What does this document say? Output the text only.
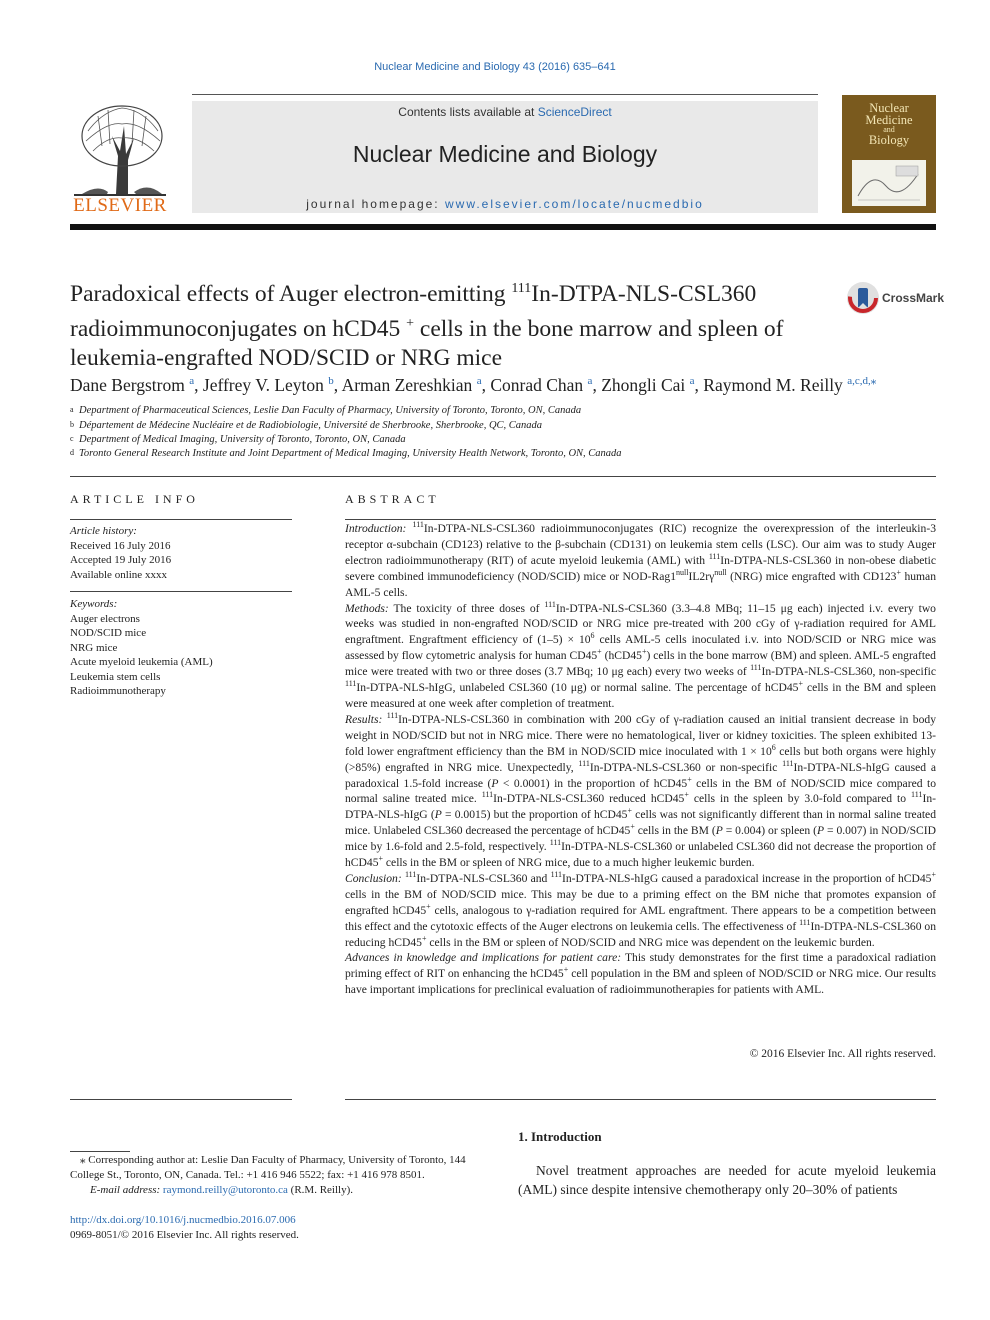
Nuclear Medicine and Biology 43 (2016) 635–641
Contents lists available at ScienceDirect
Nuclear Medicine and Biology
journal homepage: www.elsevier.com/locate/nucmedbio
ELSEVIER
Nuclear
Medicine
and
Biology
Paradoxical effects of Auger electron-emitting $^{111}$In-DTPA-NLS-CSL360 radioimmunoconjugates on hCD45 + cells in the bone marrow and spleen of leukemia-engrafted NOD/SCID or NRG mice
CrossMark
Dane Bergstrom $^a$, Jeffrey V. Leyton $^b$, Arman Zereshkian $^a$, Conrad Chan $^a$, Zhongli Cai $^a$, Raymond M. Reilly $^{a,c,d,⁎}$
a Department of Pharmaceutical Sciences, Leslie Dan Faculty of Pharmacy, University of Toronto, Toronto, ON, Canada
b Département de Médecine Nucléaire et de Radiobiologie, Université de Sherbrooke, Sherbrooke, QC, Canada
c Department of Medical Imaging, University of Toronto, Toronto, ON, Canada
d Toronto General Research Institute and Joint Department of Medical Imaging, University Health Network, Toronto, ON, Canada
ARTICLE INFO
Article history:
Received 16 July 2016
Accepted 19 July 2016
Available online xxxx
Keywords:
Auger electrons
NOD/SCID mice
NRG mice
Acute myeloid leukemia (AML)
Leukemia stem cells
Radioimmunotherapy
ABSTRACT

Introduction: $^{111}$In-DTPA-NLS-CSL360 radioimmunoconjugates (RIC) recognize the overexpression of the interleukin-3 receptor α-subchain (CD123) relative to the β-subchain (CD131) on leukemia stem cells (LSC). Our aim was to study Auger electron radioimmunotherapy (RIT) of acute myeloid leukemia (AML) with $^{111}$In-DTPA-NLS-CSL360 in non-obese diabetic severe combined immunodeficiency (NOD/SCID) mice or NOD-$Rag1^{null}IL2r\gamma^{null}$ (NRG) mice engrafted with CD123+ human AML-5 cells.

Methods: The toxicity of three doses of $^{111}$In-DTPA-NLS-CSL360 (3.3–4.8 MBq; 11–15 μg each) injected i.v. every two weeks was studied in non-engrafted NOD/SCID or NRG mice pre-treated with 200 cGy of γ-radiation required for AML engraftment. Engraftment efficiency of $(1-5) \times 10^6$ cells AML-5 cells inoculated i.v. into NOD/SCID or NRG mice was assessed by flow cytometric analysis for human CD45+ (hCD45+) cells in the bone marrow (BM) and spleen. AML-5 engrafted mice were treated with two or three doses (3.7 MBq; 10 μg each) every two weeks of $^{111}$In-DTPA-NLS-CSL360, non-specific $^{111}$In-DTPA-NLS-hIgG, unlabeled CSL360 (10 μg) or normal saline. The percentage of hCD45+ cells in the BM and spleen were measured at one week after completion of treatment.

Results: $^{111}$In-DTPA-NLS-CSL360 in combination with 200 cGy of γ-radiation caused an initial transient decrease in body weight in NOD/SCID but not in NRG mice. There were no hematological, liver or kidney toxicities. The spleen exhibited 13-fold lower engraftment efficiency than the BM in NOD/SCID mice inoculated with $1 \times 10^6$ cells but both organs were highly (>85%) engrafted in NRG mice. Unexpectedly, $^{111}$In-DTPA-NLS-CSL360 or non-specific $^{111}$In-DTPA-NLS-hIgG caused a paradoxical 1.5-fold increase (P < 0.0001) in the proportion of hCD45+ cells in the BM of NOD/SCID mice compared to normal saline treated mice. $^{111}$In-DTPA-NLS-CSL360 reduced hCD45+ cells in the spleen by 3.0-fold compared to $^{111}$In-DTPA-NLS-hIgG (P = 0.0015) but the proportion of hCD45+ cells was not significantly different than in normal saline treated mice. Unlabeled CSL360 decreased the percentage of hCD45+ cells in the BM (P = 0.004) or spleen (P = 0.007) in NOD/SCID mice by 1.6-fold and 2.5-fold, respectively. $^{111}$In-DTPA-NLS-CSL360 or unlabeled CSL360 did not decrease the proportion of hCD45+ cells in the BM or spleen of NRG mice, due to a much higher leukemic burden.

Conclusion: $^{111}$In-DTPA-NLS-CSL360 and $^{111}$In-DTPA-NLS-hIgG caused a paradoxical increase in the proportion of hCD45+ cells in the BM of NOD/SCID mice. This may be due to a priming effect on the BM niche that promotes expansion of engrafted hCD45+ cells, analogous to γ-radiation required for AML engraftment. There appears to be a competition between this effect and the cytotoxic effects of the Auger electrons on leukemia cells. The effectiveness of $^{111}$In-DTPA-NLS-CSL360 on reducing hCD45+ cells in the BM or spleen of NOD/SCID and NRG mice was dependent on the leukemic burden.

Advances in knowledge and implications for patient care: This study demonstrates for the first time a paradoxical radiation priming effect of RIT on enhancing the hCD45+ cell population in the BM and spleen of NOD/SCID or NRG mice. Our results have important implications for preclinical evaluation of radioimmunotherapies for patients with AML.

© 2016 Elsevier Inc. All rights reserved.
⁎ Corresponding author at: Leslie Dan Faculty of Pharmacy, University of Toronto, 144 College St., Toronto, ON, Canada. Tel.: +1 416 946 5522; fax: +1 416 978 8501.
E-mail address: raymond.reilly@utoronto.ca (R.M. Reilly).
http://dx.doi.org/10.1016/j.nucmedbio.2016.07.006
0969-8051/© 2016 Elsevier Inc. All rights reserved.
1. Introduction
Novel treatment approaches are needed for acute myeloid leukemia (AML) since despite intensive chemotherapy only 20–30% of patients
